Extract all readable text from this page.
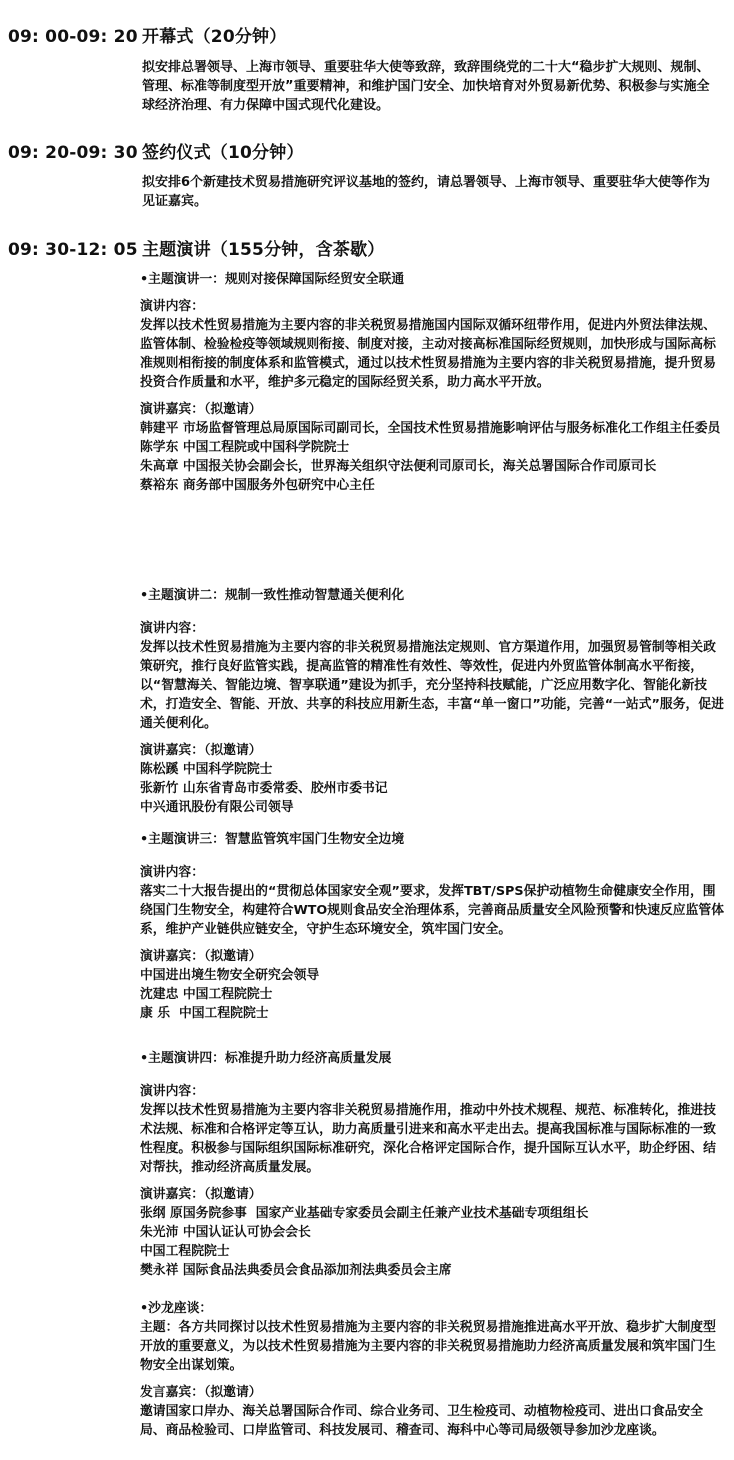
09: 00-09: 20 开幕式（20分钟）
拟安排总署领导、上海市领导、重要驻华大使等致辞，致辞围绕党的二十大“稳步扩大规则、规制、管理、标准等制度型开放”重要精神，和维护国门安全、加快培育对外贸易新优势、积极参与实施全球经济治理、有力保障中国式现代化建设。
09: 20-09: 30 签约仪式（10分钟）
拟安排6个新建技术贸易措施研究评议基地的签约，请总署领导、上海市领导、重要驻华大使等作为见证嘉宾。
09: 30-12: 05 主题演讲（155分钟，含茶歇）
•主题演讲一：规则对接保障国际经贸安全联通
演讲内容：
发挥以技术性贸易措施为主要内容的非关税贸易措施国内国际双循环纽带作用，促进内外贸法律法规、监管体制、检验检疫等领域规则衔接、制度对接，主动对接高标准国际经贸规则，加快形成与国际高标准规则相衔接的制度体系和监管模式，通过以技术性贸易措施为主要内容的非关税贸易措施，提升贸易投资合作质量和水平，维护多元稳定的国际经贸关系，助力高水平开放。
演讲嘉宾：（拟邀请）
韩建平 市场监督管理总局原国际司副司长，全国技术性贸易措施影响评估与服务标准化工作组主任委员
陈学东 中国工程院或中国科学院院士
朱高章 中国报关协会副会长，世界海关组织守法便利司原司长，海关总署国际合作司原司长
蔡裕东 商务部中国服务外包研究中心主任
•主题演讲二：规制一致性推动智慧通关便利化
演讲内容：
发挥以技术性贸易措施为主要内容的非关税贸易措施法定规则、官方渠道作用，加强贸易管制等相关政策研究，推行良好监管实践，提高监管的精准性有效性、等效性，促进内外贸监管体制高水平衔接，以“智慧海关、智能边境、智享联通”建设为抓手，充分坚持科技赋能，广泛应用数字化、智能化新技术，打造安全、智能、开放、共享的科技应用新生态，丰富“单一窗口”功能，完善“一站式”服务，促进通关便利化。
演讲嘉宾：（拟邀请）
陈松蹊 中国科学院院士
张新竹 山东省青岛市委常委、胶州市委书记
中兴通讯股份有限公司领导
•主题演讲三：智慧监管筑牢国门生物安全边境
演讲内容：
落实二十大报告提出的“贯彻总体国家安全观”要求，发挥TBT/SPS保护动植物生命健康安全作用，围绕国门生物安全，构建符合WTO规则食品安全治理体系，完善商品质量安全风险预警和快速反应监管体系，维护产业链供应链安全，守护生态环境安全，筑牢国门安全。
演讲嘉宾：（拟邀请）
中国进出境生物安全研究会领导
沈建忠 中国工程院院士
康 乐  中国工程院院士
•主题演讲四：标准提升助力经济高质量发展
演讲内容：
发挥以技术性贸易措施为主要内容非关税贸易措施作用，推动中外技术规程、规范、标准转化，推进技术法规、标准和合格评定等互认，助力高质量引进来和高水平走出去。提高我国标准与国际标准的一致性程度。积极参与国际组织国际标准研究，深化合格评定国际合作，提升国际互认水平，助企纾困、结对帮扶，推动经济高质量发展。
演讲嘉宾：（拟邀请）
张纲 原国务院参事  国家产业基础专家委员会副主任兼产业技术基础专项组组长
朱光沛 中国认证认可协会会长
中国工程院院士
樊永祥 国际食品法典委员会食品添加剂法典委员会主席
•沙龙座谈：
主题：各方共同探讨以技术性贸易措施为主要内容的非关税贸易措施推进高水平开放、稳步扩大制度型开放的重要意义，为以技术性贸易措施为主要内容的非关税贸易措施助力经济高质量发展和筑牢国门生物安全出谋划策。
发言嘉宾：（拟邀请）
邀请国家口岸办、海关总署国际合作司、综合业务司、卫生检疫司、动植物检疫司、进出口食品安全局、商品检验司、口岸监管司、科技发展司、稽查司、海科中心等司局级领导参加沙龙座谈。
